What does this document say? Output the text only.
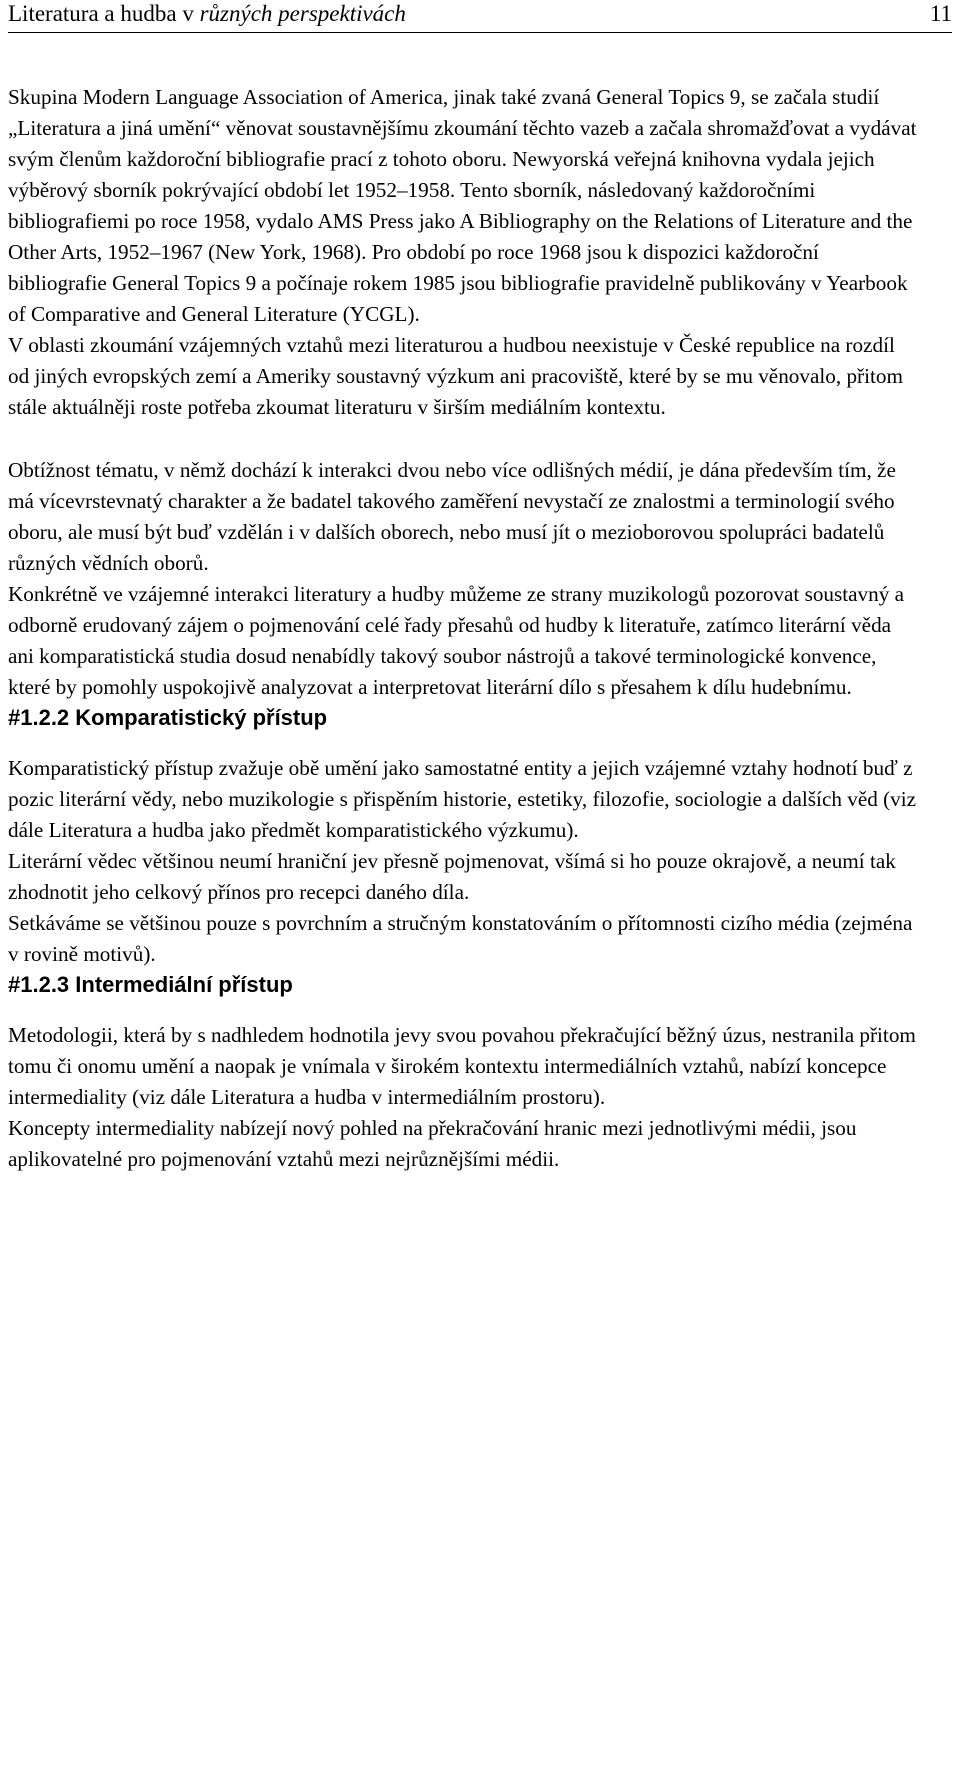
Literatura a hudba v různých perspektivách	11

Skupina Modern Language Association of America, jinak také zvaná General Topics 9, se začala studií „Literatura a jiná umění“ věnovat soustavnějšímu zkoumání těchto vazeb a začala shromažďovat a vydávat svým členům každoroční bibliografie prací z tohoto oboru. Newyorská veřejná knihovna vydala jejich výběrový sborník pokrývající období let 1952–1958. Tento sborník, následovaný každoročními bibliografiemi po roce 1958, vydalo AMS Press jako A Bibliography on the Relations of Literature and the Other Arts, 1952–1967 (New York, 1968). Pro období po roce 1968 jsou k dispozici každoroční bibliografie General Topics 9 a počínaje rokem 1985 jsou bibliografie pravidelně publikovány v Yearbook of Comparative and General Literature (YCGL).

V oblasti zkoumání vzájemných vztahů mezi literaturou a hudbou neexistuje v České republice na rozdíl od jiných evropských zemí a Ameriky soustavný výzkum ani pracoviště, které by se mu věnovalo, přitom stále aktuálněji roste potřeba zkoumat literaturu v širším mediálním kontextu.

Obtížnost tématu, v němž dochází k interakci dvou nebo více odlišných médií, je dána především tím, že má vícevrstevnatý charakter a že badatel takového zaměření nevystačí ze znalostmi a terminologií svého oboru, ale musí být buď vzdělán i v dalších oborech, nebo musí jít o mezioborovou spolupráci badatelů různých vědních oborů.

Konkrétně ve vzájemné interakci literatury a hudby můžeme ze strany muzikologů pozorovat soustavný a odborně erudovaný zájem o pojmenování celé řady přesahů od hudby k literatuře, zatímco literární věda ani komparatistická studia dosud nenabídly takový soubor nástrojů a takové terminologické konvence, které by pomohly uspokojivě analyzovat a interpretovat literární dílo s přesahem k dílu hudebnímu.

#1.2.2 Komparatistický přístup

Komparatistický přístup zvažuje obě umění jako samostatné entity a jejich vzájemné vztahy hodnotí buď z pozic literární vědy, nebo muzikologie s přispěním historie, estetiky, filozofie, sociologie a dalších věd (viz dále Literatura a hudba jako předmět komparatistického výzkumu).

Literární vědec většinou neumí hraniční jev přesně pojmenovat, všímá si ho pouze okrajově, a neumí tak zhodnotit jeho celkový přínos pro recepci daného díla.

Setkáváme se většinou pouze s povrchním a stručným konstatováním o přítomnosti cizího média (zejména v rovině motivů).

#1.2.3 Intermediální přístup

Metodologii, která by s nadhledem hodnotila jevy svou povahou překračující běžný úzus, nestranila přitom tomu či onomu umění a naopak je vnímala v širokém kontextu intermediálních vztahů, nabízí koncepce intermediality (viz dále Literatura a hudba v intermediálním prostoru).

Koncepty intermediality nabízejí nový pohled na překračování hranic mezi jednotlivými médii, jsou aplikovatelné pro pojmenování vztahů mezi nejrůznějšími médii.
